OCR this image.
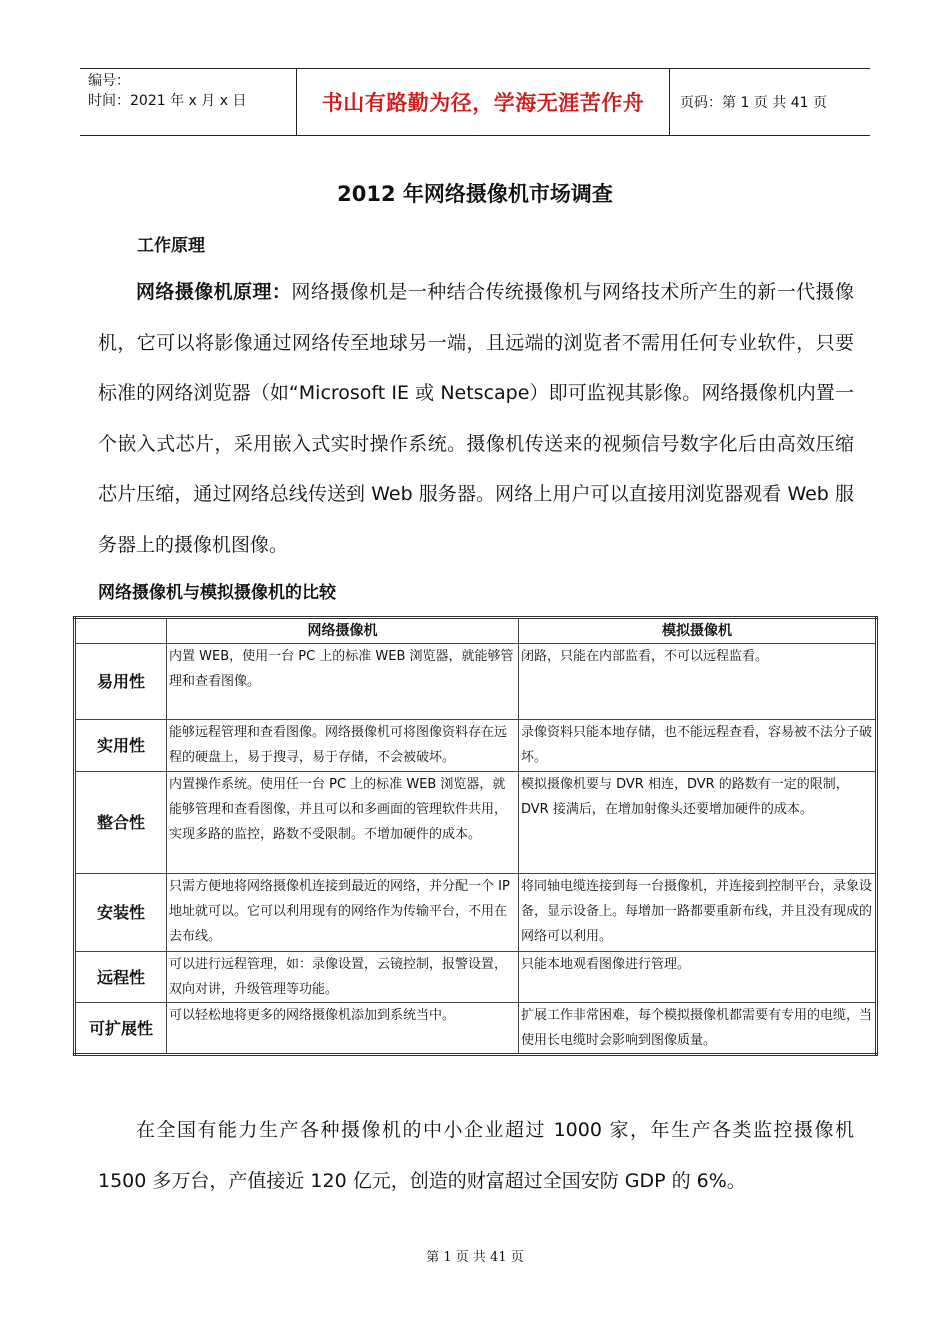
编号：
时间：2021 年 x 月 x 日	书山有路勤为径，学海无涯苦作舟	页码：第 1 页 共 41 页
2012 年网络摄像机市场调查
工作原理
网络摄像机原理：网络摄像机是一种结合传统摄像机与网络技术所产生的新一代摄像机，它可以将影像通过网络传至地球另一端，且远端的浏览者不需用任何专业软件，只要标准的网络浏览器（如“Microsoft IE 或 Netscape）即可监视其影像。网络摄像机内置一个嵌入式芯片，采用嵌入式实时操作系统。摄像机传送来的视频信号数字化后由高效压缩芯片压缩，通过网络总线传送到 Web 服务器。网络上用户可以直接用浏览器观看 Web 服务器上的摄像机图像。
网络摄像机与模拟摄像机的比较
	网络摄像机	模拟摄像机
易用性	内置 WEB，使用一台 PC 上的标准 WEB 浏览器，就能够管理和查看图像。	闭路，只能在内部监看，不可以远程监看。
实用性	能够远程管理和查看图像。网络摄像机可将图像资料存在远程的硬盘上，易于搜寻，易于存储，不会被破坏。	录像资料只能本地存储，也不能远程查看，容易被不法分子破坏。
整合性	内置操作系统。使用任一台 PC 上的标准 WEB 浏览器，就能够管理和查看图像，并且可以和多画面的管理软件共用，实现多路的监控，路数不受限制。不增加硬件的成本。	模拟摄像机要与 DVR 相连，DVR 的路数有一定的限制，DVR 接满后，在增加射像头还要增加硬件的成本。
安装性	只需方便地将网络摄像机连接到最近的网络，并分配一个 IP 地址就可以。它可以利用现有的网络作为传输平台，不用在去布线。	将同轴电缆连接到每一台摄像机，并连接到控制平台，录象设备，显示设备上。每增加一路都要重新布线，并且没有现成的网络可以利用。
远程性	可以进行远程管理，如：录像设置，云镜控制，报警设置，双向对讲，升级管理等功能。	只能本地观看图像进行管理。
可扩展性	可以轻松地将更多的网络摄像机添加到系统当中。	扩展工作非常困难，每个模拟摄像机都需要有专用的电缆，当使用长电缆时会影响到图像质量。
在全国有能力生产各种摄像机的中小企业超过 1000 家，年生产各类监控摄像机 1500 多万台，产值接近 120 亿元，创造的财富超过全国安防 GDP 的 6%。
第 1 页 共 41 页
